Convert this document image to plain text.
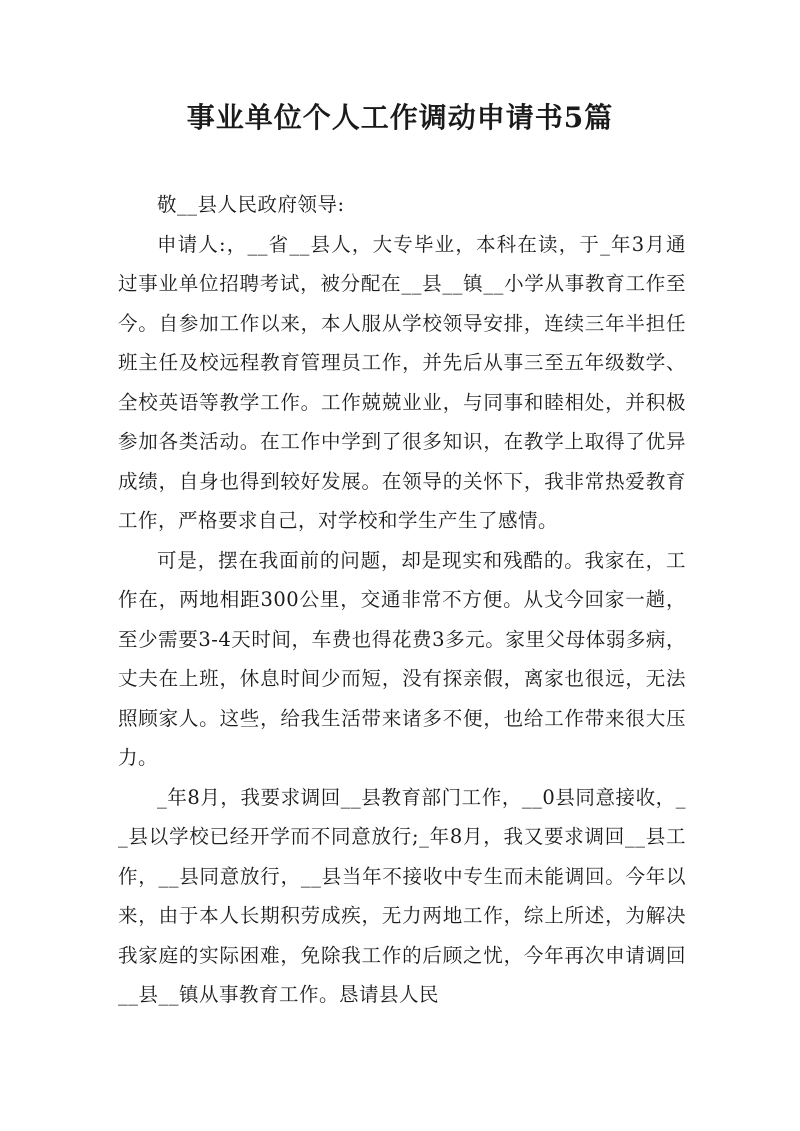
事业单位个人工作调动申请书5篇

敬__县人民政府领导:

申请人:，__省__县人，大专毕业，本科在读，于_年3月通过事业单位招聘考试，被分配在__县__镇__小学从事教育工作至今。自参加工作以来，本人服从学校领导安排，连续三年半担任班主任及校远程教育管理员工作，并先后从事三至五年级数学、全校英语等教学工作。工作兢兢业业，与同事和睦相处，并积极参加各类活动。在工作中学到了很多知识，在教学上取得了优异成绩，自身也得到较好发展。在领导的关怀下，我非常热爱教育工作，严格要求自己，对学校和学生产生了感情。

可是，摆在我面前的问题，却是现实和残酷的。我家在，工作在，两地相距300公里，交通非常不方便。从戈今回家一趟，至少需要3-4天时间，车费也得花费3多元。家里父母体弱多病，丈夫在上班，休息时间少而短，没有探亲假，离家也很远，无法照顾家人。这些，给我生活带来诸多不便，也给工作带来很大压力。

_年8月，我要求调回__县教育部门工作，__0县同意接收，__县以学校已经开学而不同意放行;_年8月，我又要求调回__县工作，__县同意放行，__县当年不接收中专生而未能调回。今年以来，由于本人长期积劳成疾，无力两地工作，综上所述，为解决我家庭的实际困难，免除我工作的后顾之忧，今年再次申请调回__县__镇从事教育工作。恳请县人民
